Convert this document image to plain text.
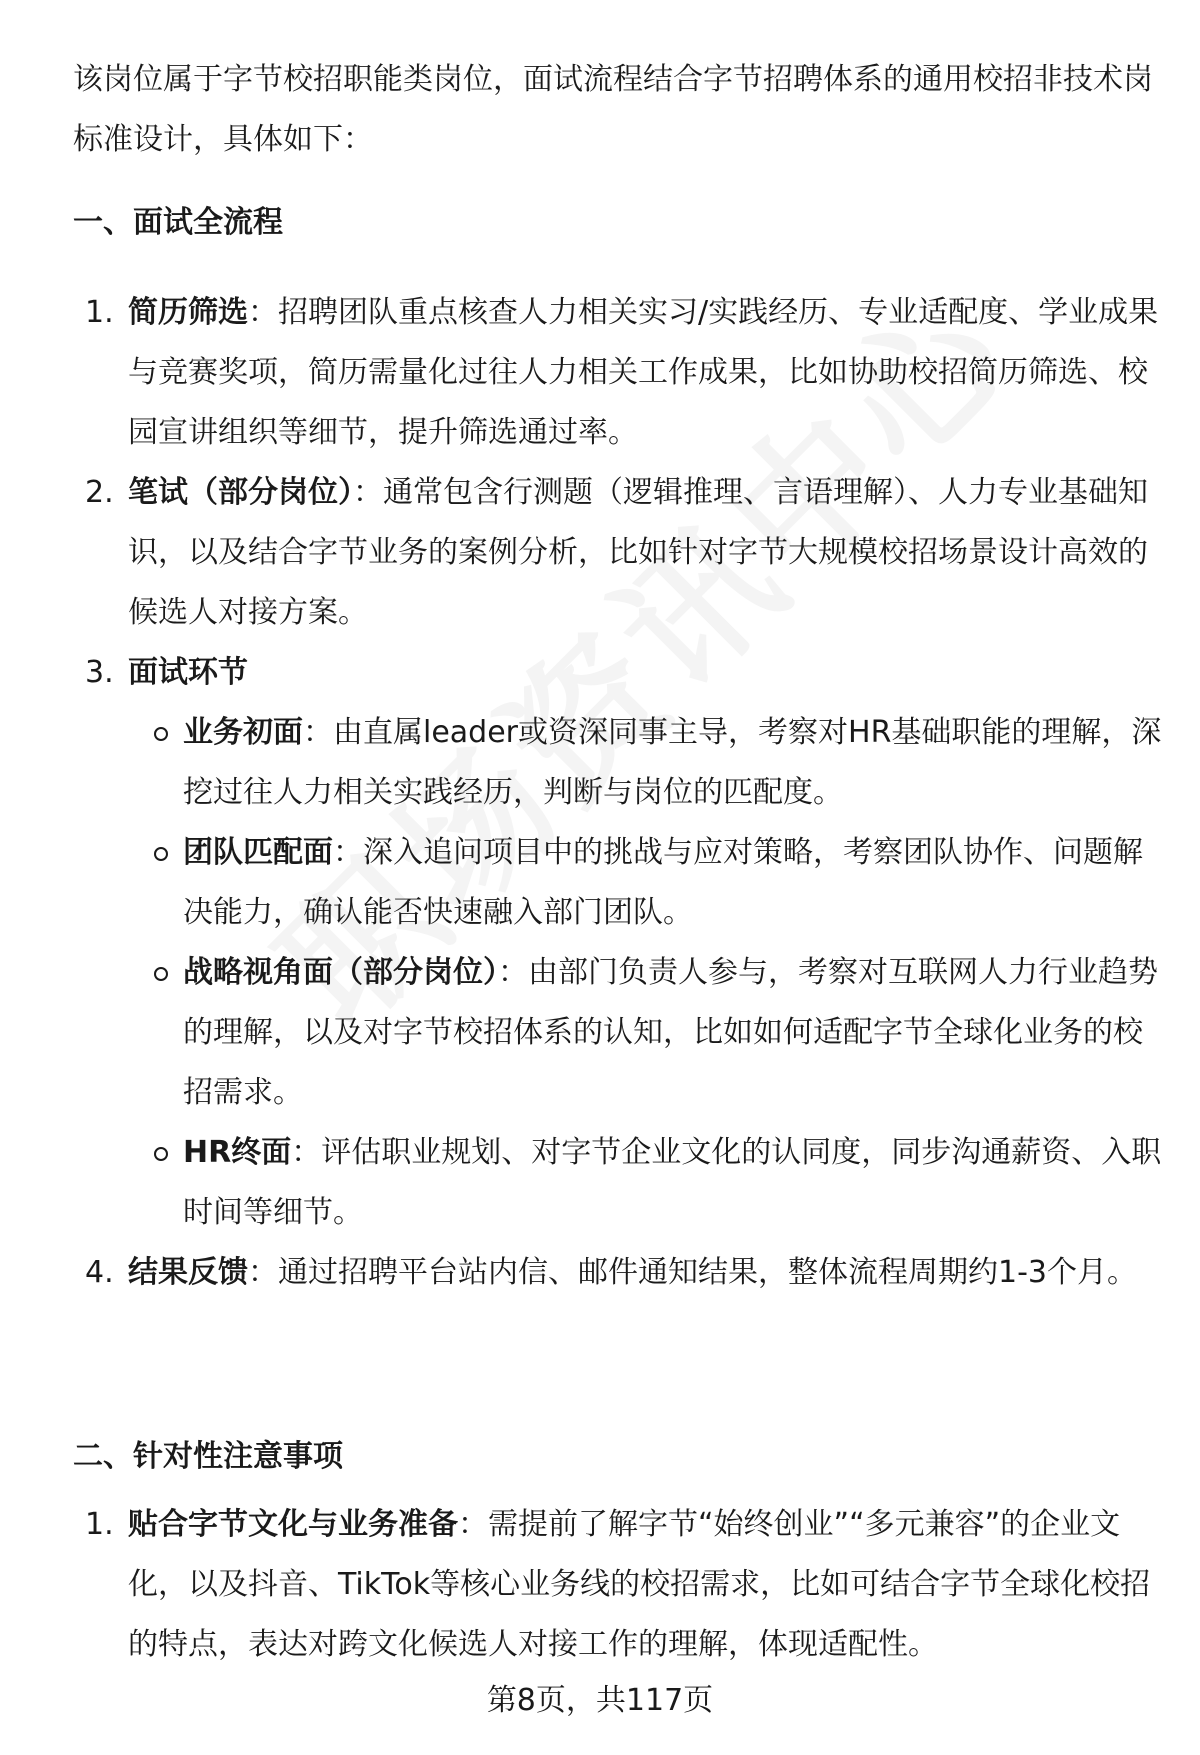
该岗位属于字节校招职能类岗位，面试流程结合字节招聘体系的通用校招非技术岗标准设计，具体如下：
一、面试全流程
1. 简历筛选：招聘团队重点核查人力相关实习/实践经历、专业适配度、学业成果与竞赛奖项，简历需量化过往人力相关工作成果，比如协助校招简历筛选、校园宣讲组织等细节，提升筛选通过率。
2. 笔试（部分岗位）：通常包含行测题（逻辑推理、言语理解）、人力专业基础知识，以及结合字节业务的案例分析，比如针对字节大规模校招场景设计高效的候选人对接方案。
3. 面试环节
业务初面：由直属leader或资深同事主导，考察对HR基础职能的理解，深挖过往人力相关实践经历，判断与岗位的匹配度。
团队匹配面：深入追问项目中的挑战与应对策略，考察团队协作、问题解决能力，确认能否快速融入部门团队。
战略视角面（部分岗位）：由部门负责人参与，考察对互联网人力行业趋势的理解，以及对字节校招体系的认知，比如如何适配字节全球化业务的校招需求。
HR终面：评估职业规划、对字节企业文化的认同度，同步沟通薪资、入职时间等细节。
4. 结果反馈：通过招聘平台站内信、邮件通知结果，整体流程周期约1-3个月。
二、针对性注意事项
1. 贴合字节文化与业务准备：需提前了解字节“始终创业”“多元兼容”的企业文化，以及抖音、TikTok等核心业务线的校招需求，比如可结合字节全球化校招的特点，表达对跨文化候选人对接工作的理解，体现适配性。
第8页，共117页
